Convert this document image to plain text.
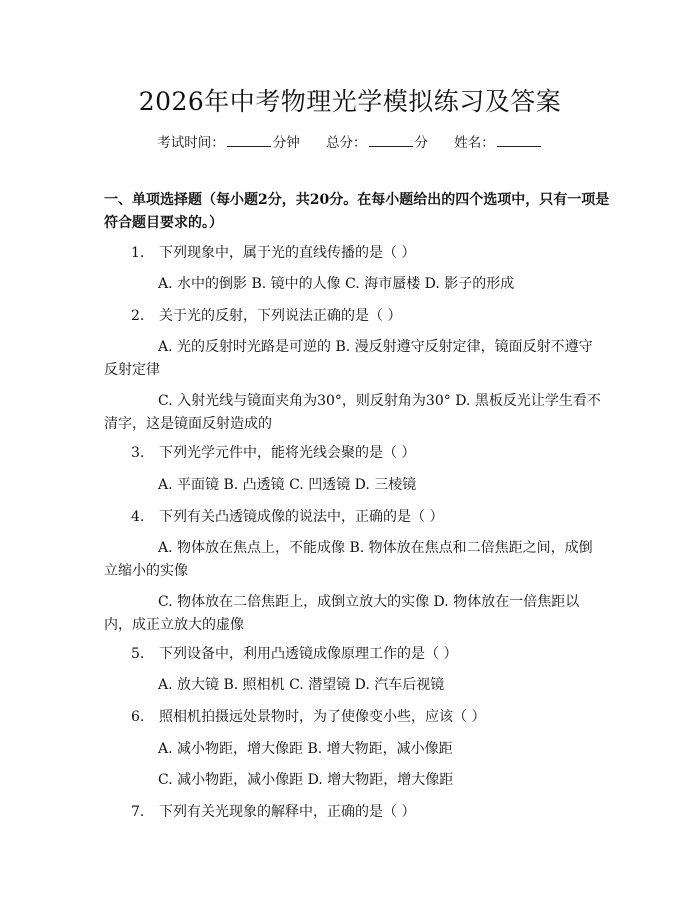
2026年中考物理光学模拟练习及答案
考试时间：	分钟 总分：	分 姓名：
一、单项选择题（每小题2分，共20分。在每小题给出的四个选项中，只有一项是符合题目要求的。）
1. 下列现象中，属于光的直线传播的是（ ）
A. 水中的倒影 B. 镜中的人像 C. 海市蜃楼 D. 影子的形成
2. 关于光的反射，下列说法正确的是（ ）
A. 光的反射时光路是可逆的 B. 漫反射遵守反射定律，镜面反射不遵守反射定律
C. 入射光线与镜面夹角为30°，则反射角为30° D. 黑板反光让学生看不清字，这是镜面反射造成的
3. 下列光学元件中，能将光线会聚的是（ ）
A. 平面镜 B. 凸透镜 C. 凹透镜 D. 三棱镜
4. 下列有关凸透镜成像的说法中，正确的是（ ）
A. 物体放在焦点上，不能成像 B. 物体放在焦点和二倍焦距之间，成倒立缩小的实像
C. 物体放在二倍焦距上，成倒立放大的实像 D. 物体放在一倍焦距以内，成正立放大的虚像
5. 下列设备中，利用凸透镜成像原理工作的是（ ）
A. 放大镜 B. 照相机 C. 潜望镜 D. 汽车后视镜
6. 照相机拍摄远处景物时，为了使像变小些，应该（ ）
A. 减小物距，增大像距 B. 增大物距，减小像距
C. 减小物距，减小像距 D. 增大物距，增大像距
7. 下列有关光现象的解释中，正确的是（ ）
